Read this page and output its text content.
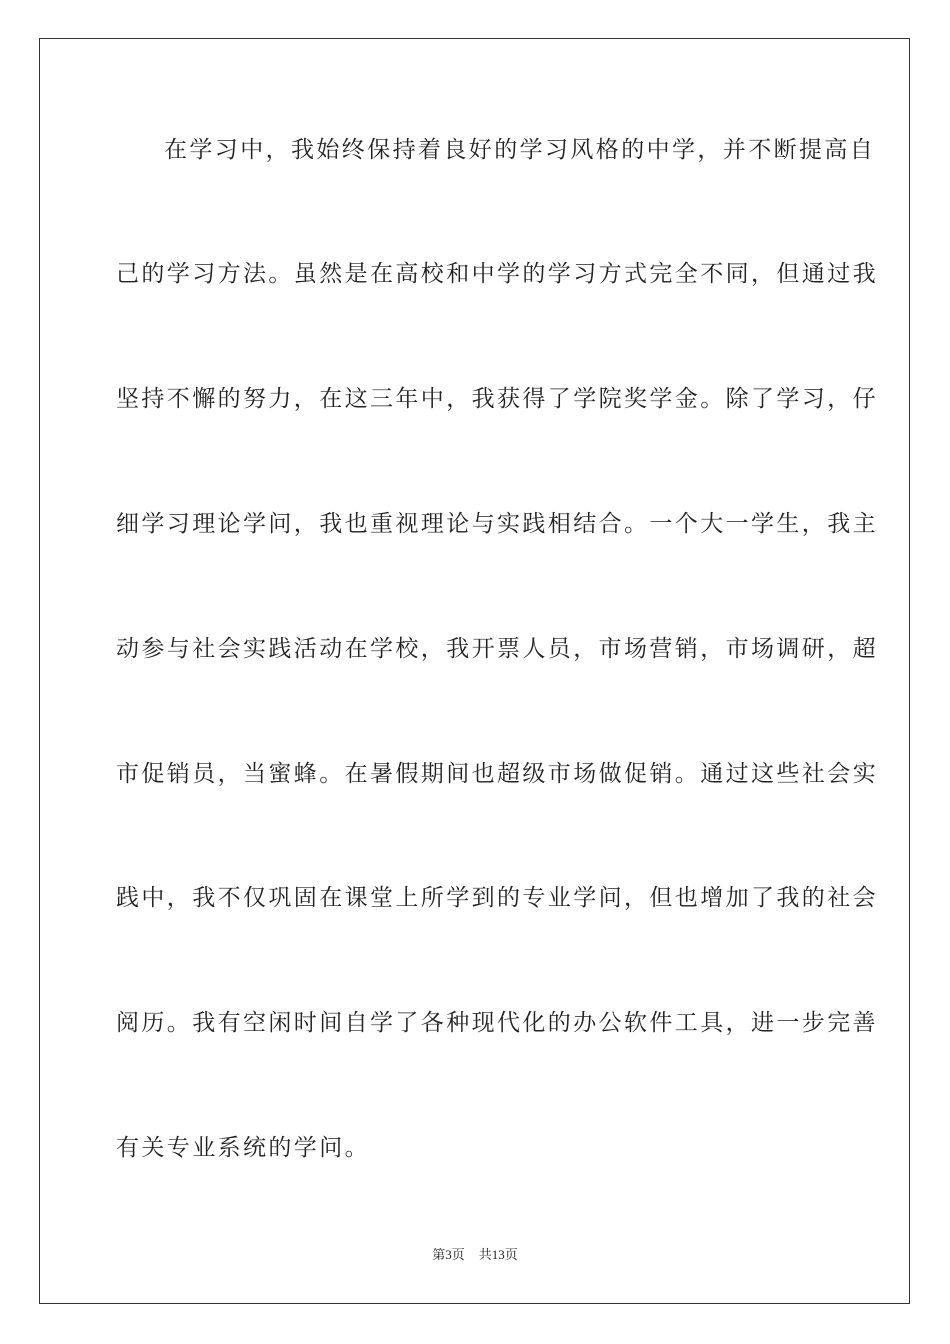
在学习中，我始终保持着良好的学习风格的中学，并不断提高自
己的学习方法。虽然是在高校和中学的学习方式完全不同，但通过我
坚持不懈的努力，在这三年中，我获得了学院奖学金。除了学习，仔
细学习理论学问，我也重视理论与实践相结合。一个大一学生，我主
动参与社会实践活动在学校，我开票人员，市场营销，市场调研，超
市促销员，当蜜蜂。在暑假期间也超级市场做促销。通过这些社会实
践中，我不仅巩固在课堂上所学到的专业学问，但也增加了我的社会
阅历。我有空闲时间自学了各种现代化的办公软件工具，进一步完善
有关专业系统的学问。
第3页 共13页
